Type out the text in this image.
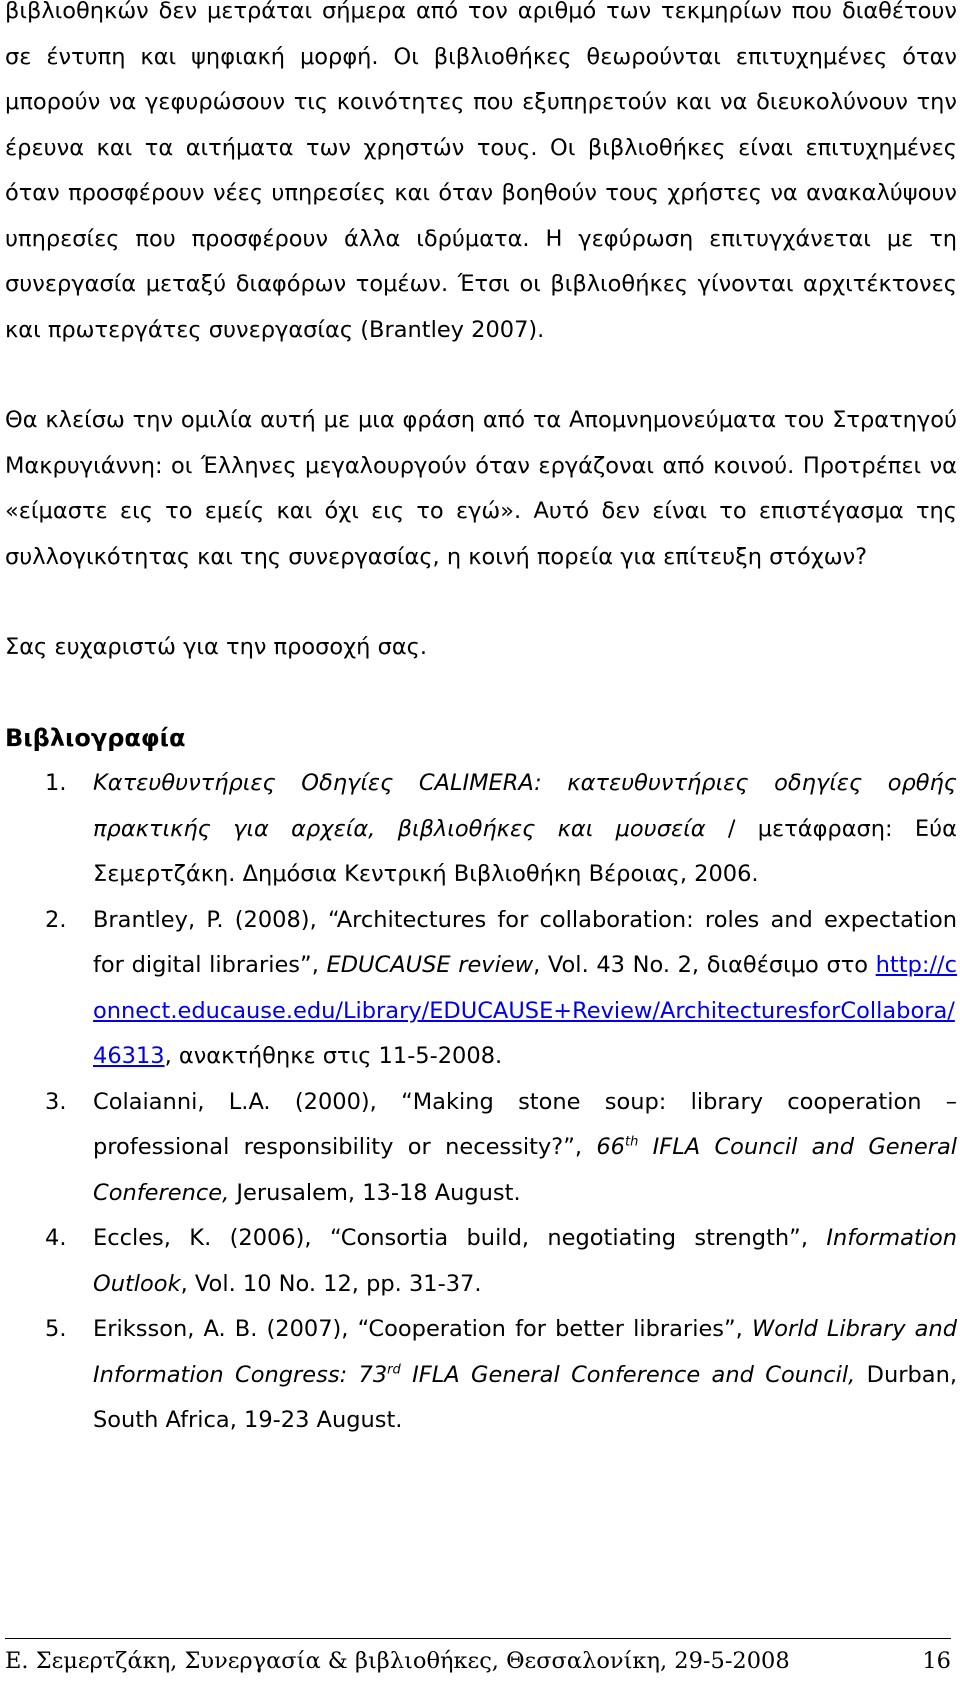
βιβλιοθηκών δεν μετράται σήμερα από τον αριθμό των τεκμηρίων που διαθέτουν σε έντυπη και ψηφιακή μορφή. Οι βιβλιοθήκες θεωρούνται επιτυχημένες όταν μπορούν να γεφυρώσουν τις κοινότητες που εξυπηρετούν και να διευκολύνουν την έρευνα και τα αιτήματα των χρηστών τους. Οι βιβλιοθήκες είναι επιτυχημένες όταν προσφέρουν νέες υπηρεσίες και όταν βοηθούν τους χρήστες να ανακαλύψουν υπηρεσίες που προσφέρουν άλλα ιδρύματα. Η γεφύρωση επιτυγχάνεται με τη συνεργασία μεταξύ διαφόρων τομέων. Έτσι οι βιβλιοθήκες γίνονται αρχιτέκτονες και πρωτεργάτες συνεργασίας (Brantley 2007).

Θα κλείσω την ομιλία αυτή με μια φράση από τα Απομνημονεύματα του Στρατηγού Μακρυγιάννη: οι Έλληνες μεγαλουργούν όταν εργάζοναι από κοινού. Προτρέπει να «είμαστε εις το εμείς και όχι εις το εγώ». Αυτό δεν είναι το επιστέγασμα της συλλογικότητας και της συνεργασίας, η κοινή πορεία για επίτευξη στόχων?

Σας ευχαριστώ για την προσοχή σας.

Βιβλιογραφία
1. Κατευθυντήριες Οδηγίες CALIMERA: κατευθυντήριες οδηγίες ορθής πρακτικής για αρχεία, βιβλιοθήκες και μουσεία / μετάφραση: Εύα Σεμερτζάκη. Δημόσια Κεντρική Βιβλιοθήκη Βέροιας, 2006.
2. Brantley, P. (2008), “Architectures for collaboration: roles and expectation for digital libraries”, EDUCAUSE review, Vol. 43 No. 2, διαθέσιμο στο http://connect.educause.edu/Library/EDUCAUSE+Review/ArchitecturesforCollabora/46313, ανακτήθηκε στις 11-5-2008.
3. Colaianni, L.A. (2000), “Making stone soup: library cooperation – professional responsibility or necessity?”, 66th IFLA Council and General Conference, Jerusalem, 13-18 August.
4. Eccles, K. (2006), “Consortia build, negotiating strength”, Information Outlook, Vol. 10 No. 12, pp. 31-37.
5. Eriksson, A. B. (2007), “Cooperation for better libraries”, World Library and Information Congress: 73rd IFLA General Conference and Council, Durban, South Africa, 19-23 August.
Ε. Σεμερτζάκη, Συνεργασία & βιβλιοθήκες, Θεσσαλονίκη, 29-5-2008	16
